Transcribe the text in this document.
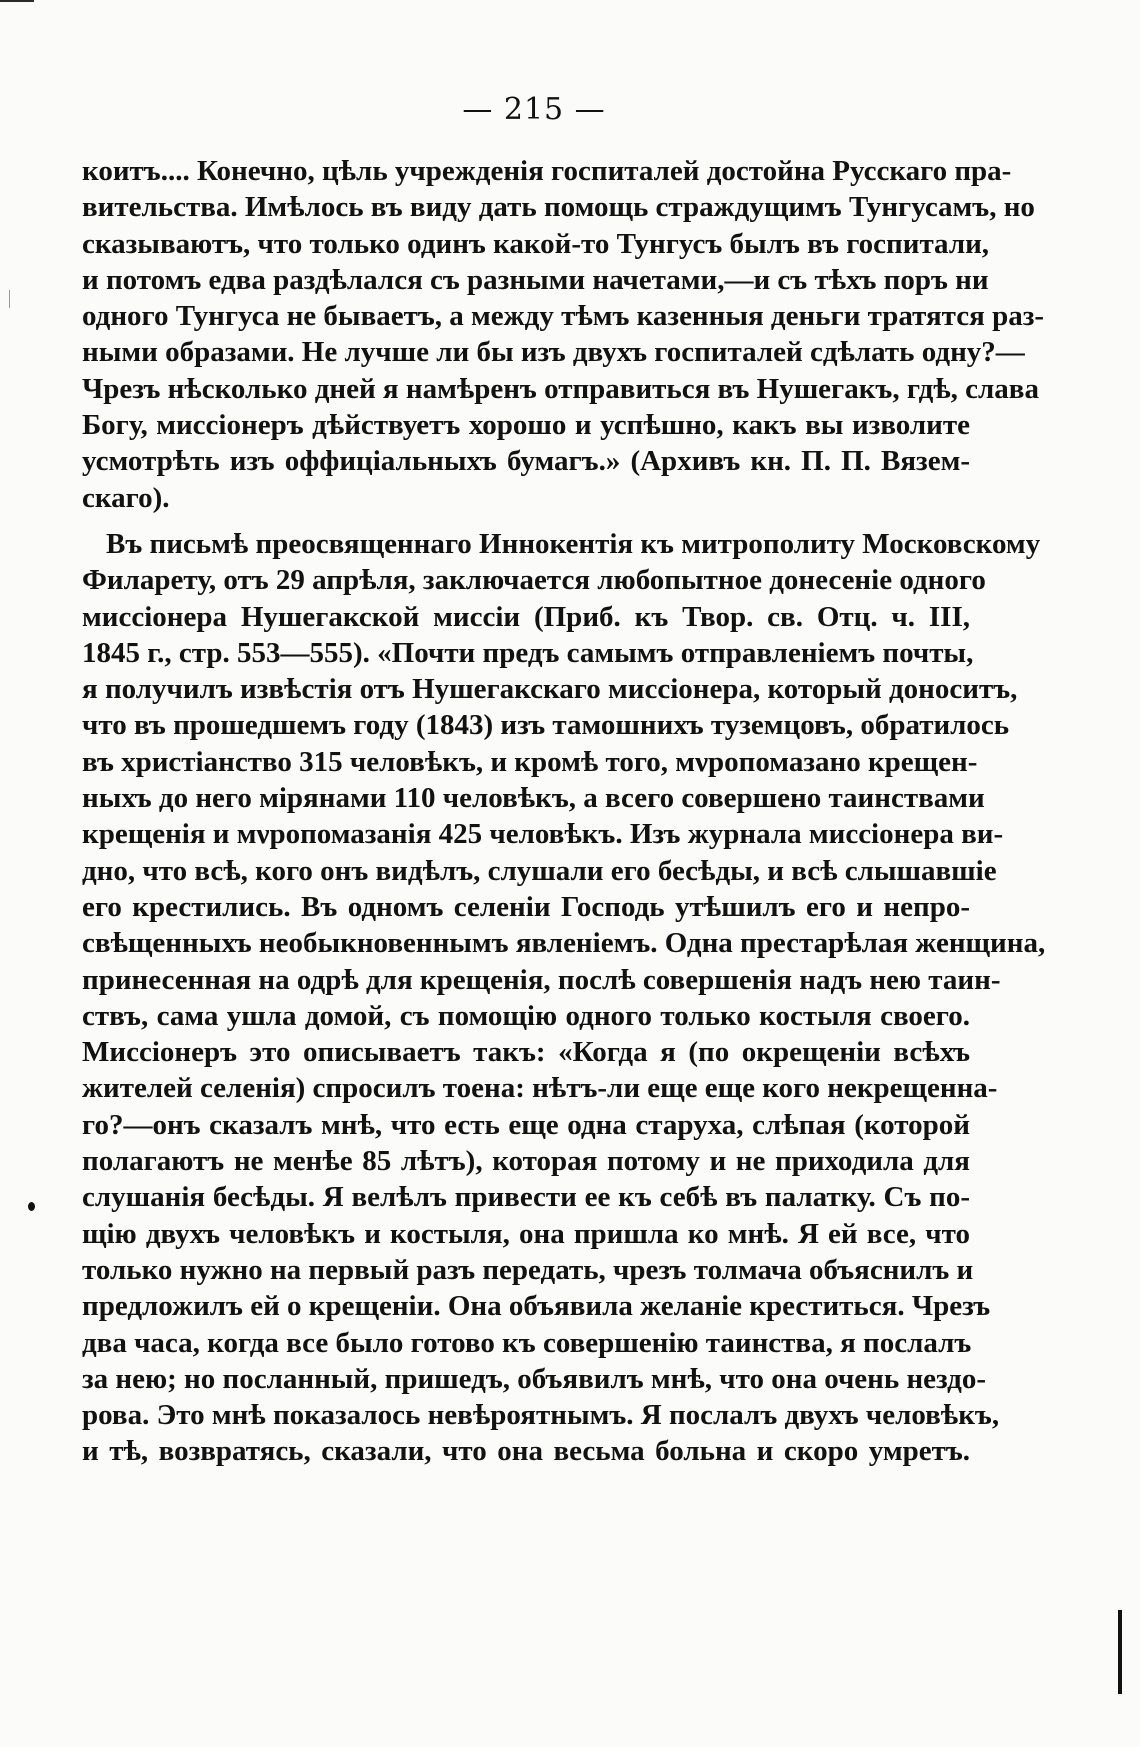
— 215 —
коитъ.... Конечно, цѣль учрежденія госпиталей достойна Русскаго пра-
вительства. Имѣлось въ виду дать помощь страждущимъ Тунгусамъ, но
сказываютъ, что только одинъ какой-то Тунгусъ былъ въ госпитали,
и потомъ едва раздѣлался съ разными начетами,—и съ тѣхъ поръ ни
одного Тунгуса не бываетъ, а между тѣмъ казенныя деньги тратятся раз-
ными образами. Не лучше ли бы изъ двухъ госпиталей сдѣлать одну?—
Чрезъ нѣсколько дней я намѣренъ отправиться въ Нушегакъ, гдѣ, слава
Богу, миссіонеръ дѣйствуетъ хорошо и успѣшно, какъ вы изволите
усмотрѣть изъ оффиціальныхъ бумагъ.» (Архивъ кн. П. П. Вязем-
скаго).
Въ письмѣ преосвященнаго Иннокентія къ митрополиту Московскому
Филарету, отъ 29 апрѣля, заключается любопытное донесеніе одного
миссіонера Нушегакской миссіи (Приб. къ Твор. св. Отц. ч. III,
1845 г., стр. 553—555). «Почти предъ самымъ отправленіемъ почты,
я получилъ извѣстія отъ Нушегакскаго миссіонера, который доноситъ,
что въ прошедшемъ году (1843) изъ тамошнихъ туземцовъ, обратилось
въ христіанство 315 человѣкъ, и кромѣ того, мνропомазано крещен-
ныхъ до него мірянами 110 человѣкъ, а всего совершено таинствами
крещенія и мνропомазанія 425 человѣкъ. Изъ журнала миссіонера ви-
дно, что всѣ, кого онъ видѣлъ, слушали его бесѣды, и всѣ слышавшіе
его крестились. Въ одномъ селеніи Господь утѣшилъ его и непро-
свѣщенныхъ необыкновеннымъ явленіемъ. Одна престарѣлая женщина,
принесенная на одрѣ для крещенія, послѣ совершенія надъ нею таин-
ствъ, сама ушла домой, съ помощію одного только костыля своего.
Миссіонеръ это описываетъ такъ: «Когда я (по окрещеніи всѣхъ
жителей селенія) спросилъ тоена: нѣтъ-ли еще еще кого некрещенна-
го?—онъ сказалъ мнѣ, что есть еще одна старуха, слѣпая (которой
полагаютъ не менѣе 85 лѣтъ), которая потому и не приходила для
слушанія бесѣды. Я велѣлъ привести ее къ себѣ въ палатку. Съ по-
щію двухъ человѣкъ и костыля, она пришла ко мнѣ. Я ей все, что
только нужно на первый разъ передать, чрезъ толмача объяснилъ и
предложилъ ей о крещеніи. Она объявила желаніе креститься. Чрезъ
два часа, когда все было готово къ совершенію таинства, я послалъ
за нею; но посланный, пришедъ, объявилъ мнѣ, что она очень нездо-
рова. Это мнѣ показалось невѣроятнымъ. Я послалъ двухъ человѣкъ,
и тѣ, возвратясь, сказали, что она весьма больна и скоро умретъ.
